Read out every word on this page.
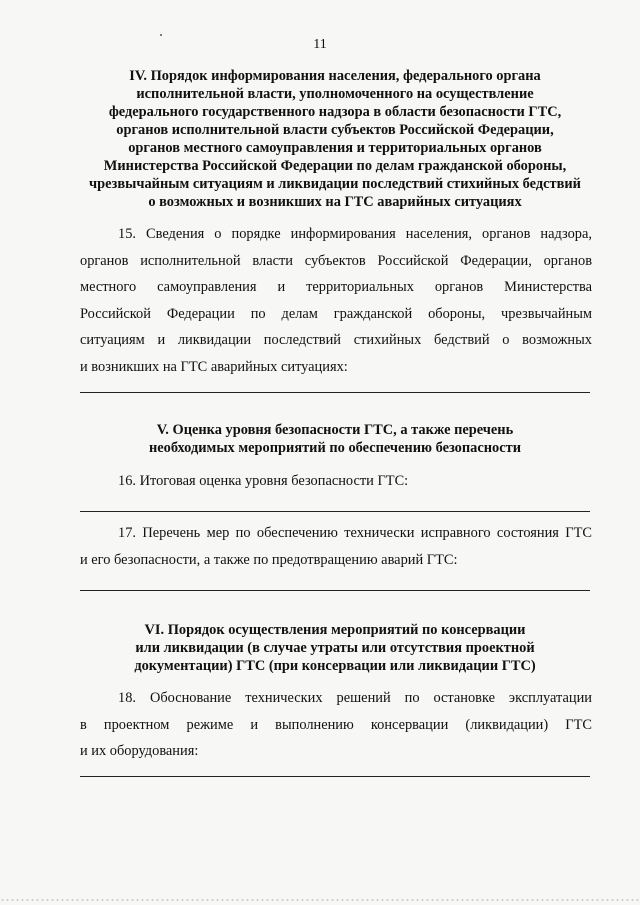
11
IV. Порядок информирования населения, федерального органа
исполнительной власти, уполномоченного на осуществление
федерального государственного надзора в области безопасности ГТС,
органов исполнительной власти субъектов Российской Федерации,
органов местного самоуправления и территориальных органов
Министерства Российской Федерации по делам гражданской обороны,
чрезвычайным ситуациям и ликвидации последствий стихийных бедствий
о возможных и возникших на ГТС аварийных ситуациях
15. Сведения о порядке информирования населения, органов надзора,
органов исполнительной власти субъектов Российской Федерации, органов
местного самоуправления и территориальных органов Министерства
Российской Федерации по делам гражданской обороны, чрезвычайным
ситуациям и ликвидации последствий стихийных бедствий о возможных
и возникших на ГТС аварийных ситуациях:
V. Оценка уровня безопасности ГТС, а также перечень
необходимых мероприятий по обеспечению безопасности
16. Итоговая оценка уровня безопасности ГТС:
17. Перечень мер по обеспечению технически исправного состояния ГТС
и его безопасности, а также по предотвращению аварий ГТС:
VI. Порядок осуществления мероприятий по консервации
или ликвидации (в случае утраты или отсутствия проектной
документации) ГТС (при консервации или ликвидации ГТС)
18. Обоснование технических решений по остановке эксплуатации
в проектном режиме и выполнению консервации (ликвидации) ГТС
и их оборудования:
